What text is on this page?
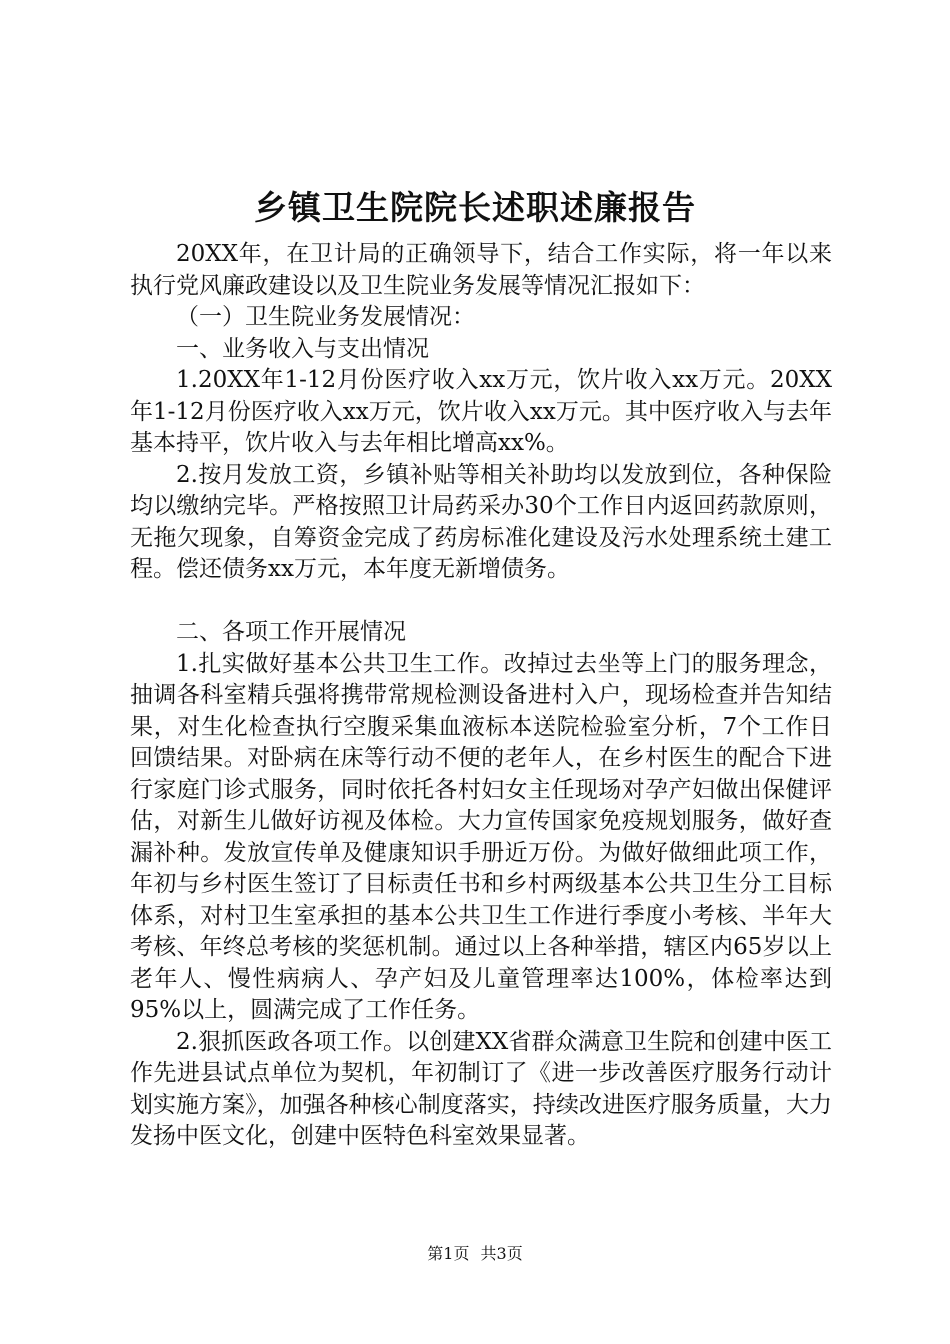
乡镇卫生院院长述职述廉报告

20XX年，在卫计局的正确领导下，结合工作实际，将一年以来执行党风廉政建设以及卫生院业务发展等情况汇报如下：

（一）卫生院业务发展情况：

一、业务收入与支出情况

1.20XX年1-12月份医疗收入xx万元，饮片收入xx万元。20XX年1-12月份医疗收入xx万元，饮片收入xx万元。其中医疗收入与去年基本持平，饮片收入与去年相比增高xx%。

2.按月发放工资，乡镇补贴等相关补助均以发放到位，各种保险均以缴纳完毕。严格按照卫计局药采办30个工作日内返回药款原则，无拖欠现象，自筹资金完成了药房标准化建设及污水处理系统土建工程。偿还债务xx万元，本年度无新增债务。

二、各项工作开展情况

1.扎实做好基本公共卫生工作。改掉过去坐等上门的服务理念，抽调各科室精兵强将携带常规检测设备进村入户，现场检查并告知结果，对生化检查执行空腹采集血液标本送院检验室分析，7个工作日回馈结果。对卧病在床等行动不便的老年人，在乡村医生的配合下进行家庭门诊式服务，同时依托各村妇女主任现场对孕产妇做出保健评估，对新生儿做好访视及体检。大力宣传国家免疫规划服务，做好查漏补种。发放宣传单及健康知识手册近万份。为做好做细此项工作，年初与乡村医生签订了目标责任书和乡村两级基本公共卫生分工目标体系，对村卫生室承担的基本公共卫生工作进行季度小考核、半年大考核、年终总考核的奖惩机制。通过以上各种举措，辖区内65岁以上老年人、慢性病病人、孕产妇及儿童管理率达100%，体检率达到95%以上，圆满完成了工作任务。

2.狠抓医政各项工作。以创建XX省群众满意卫生院和创建中医工作先进县试点单位为契机，年初制订了《进一步改善医疗服务行动计划实施方案》，加强各种核心制度落实，持续改进医疗服务质量，大力发扬中医文化，创建中医特色科室效果显著。

第1页 共3页
